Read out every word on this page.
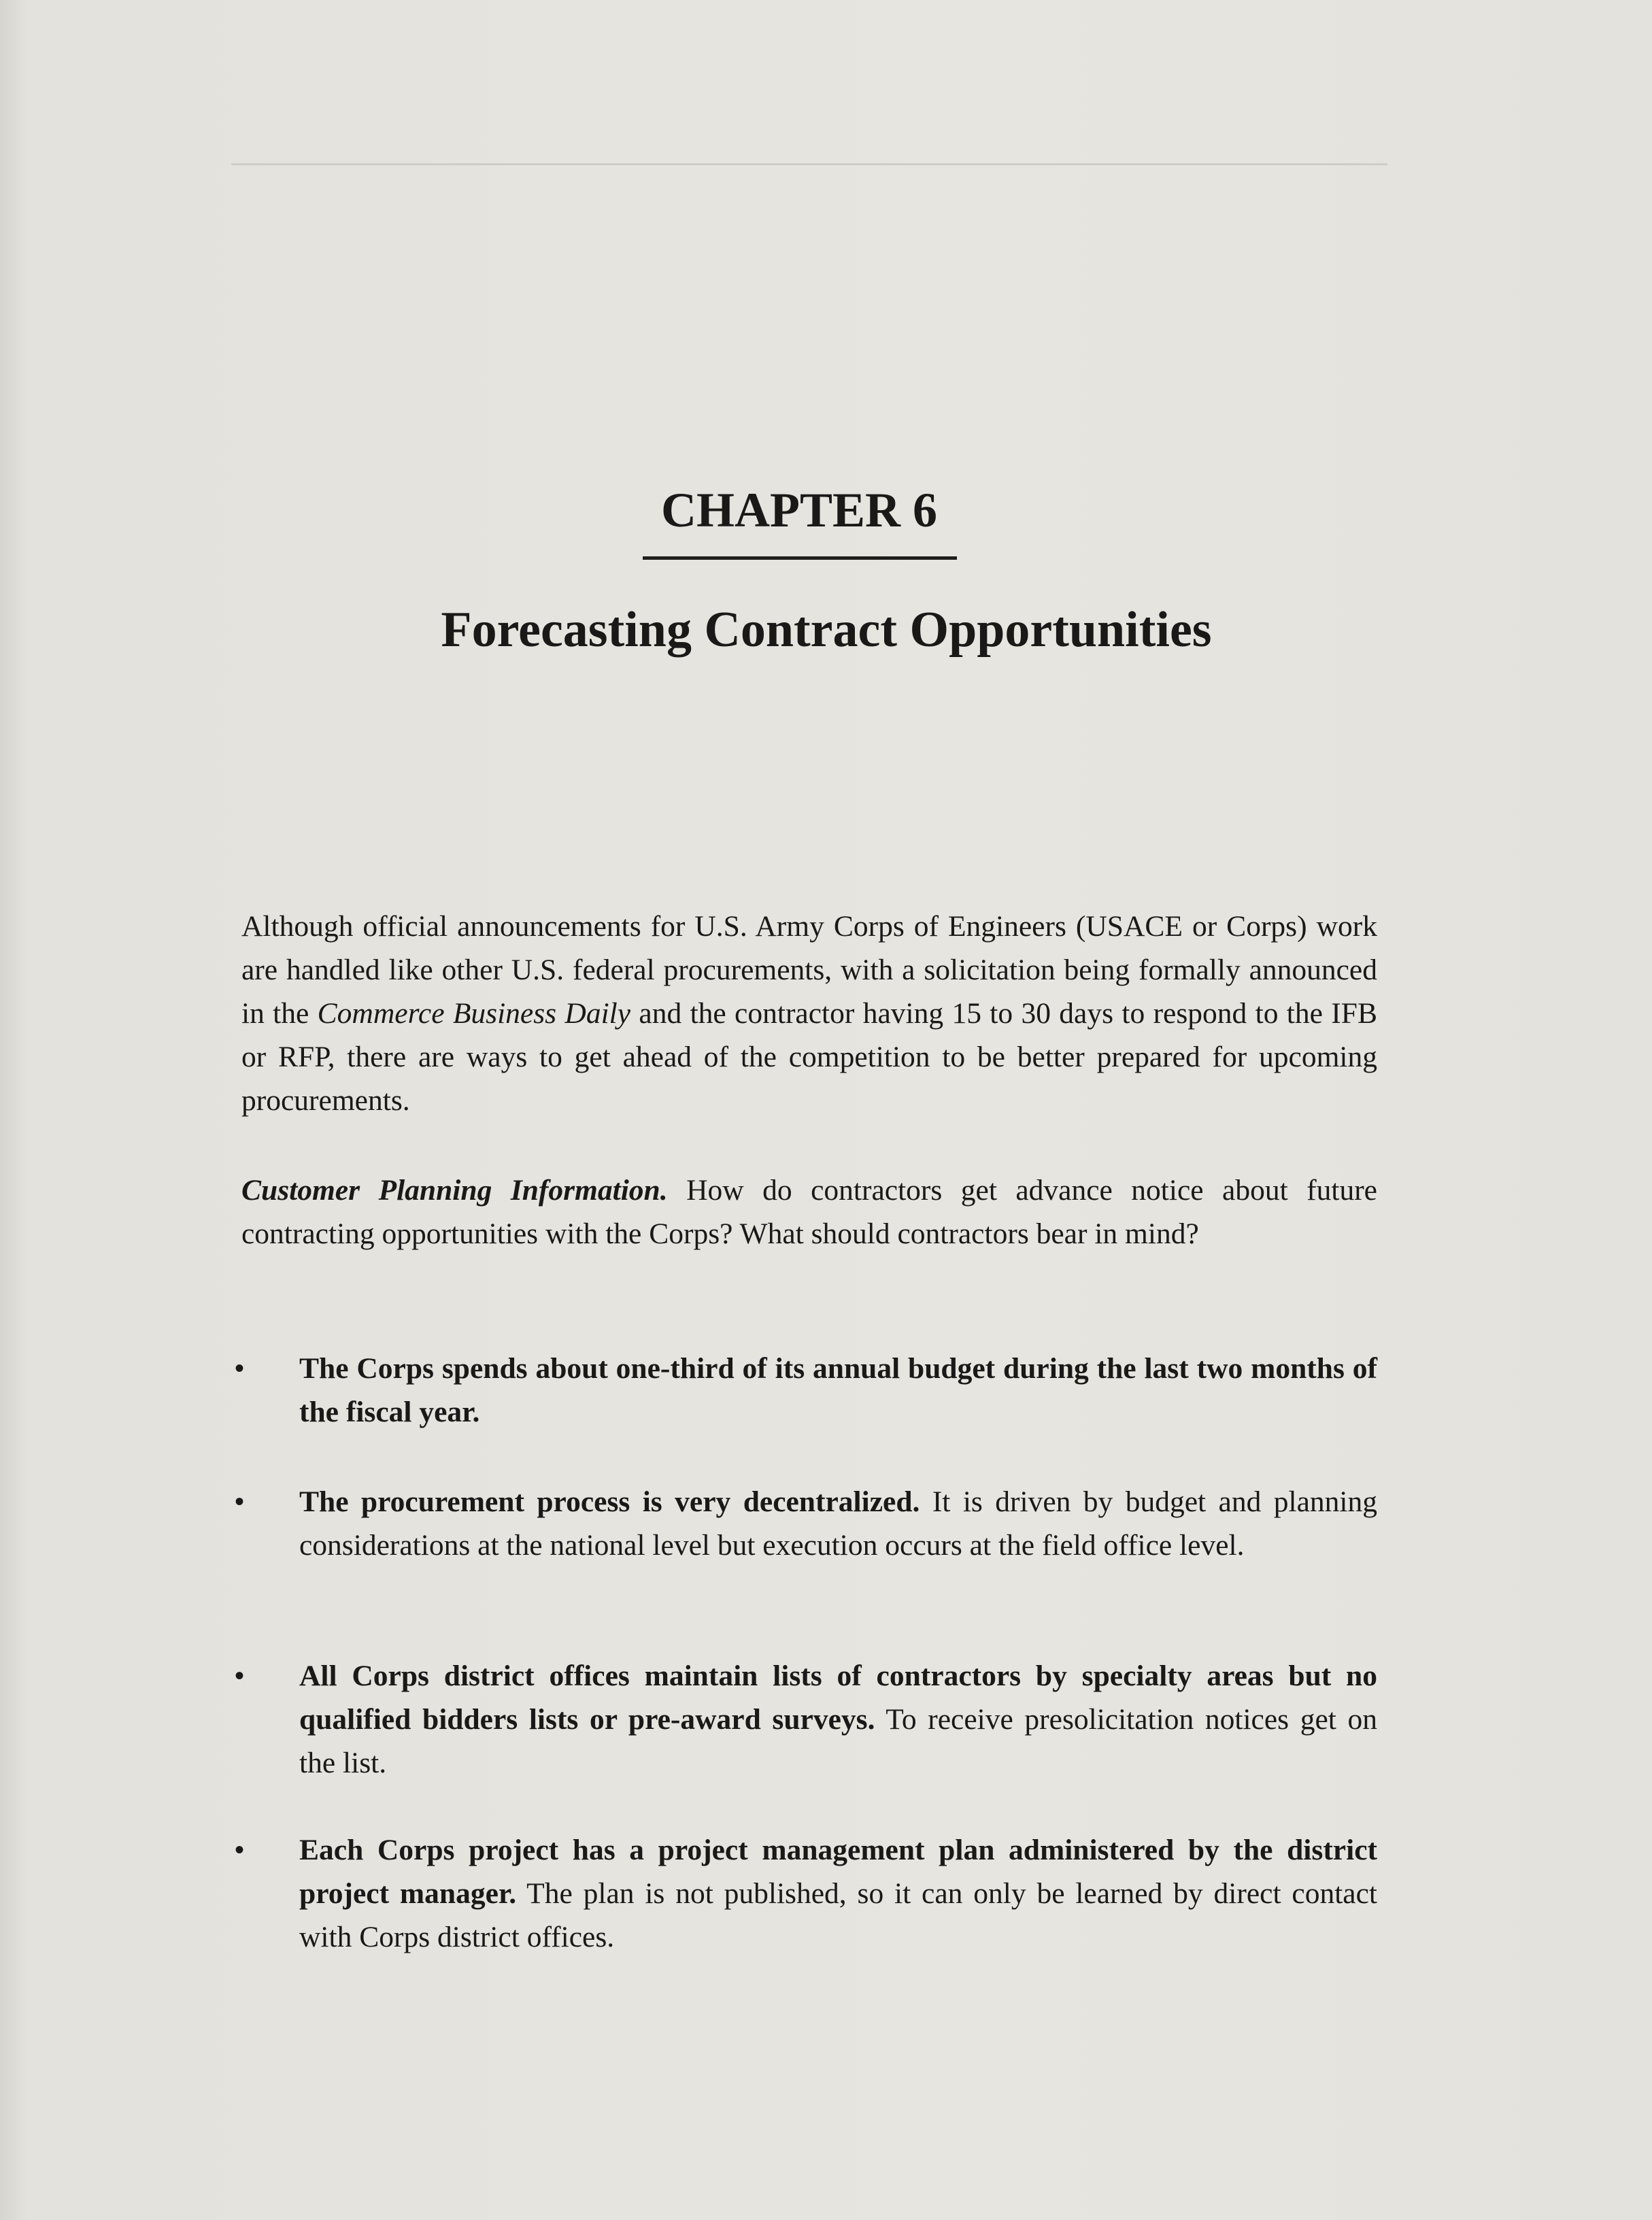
CHAPTER 6
Forecasting Contract Opportunities

Although official announcements for U.S. Army Corps of Engineers (USACE or Corps) work are handled like other U.S. federal procurements, with a solicitation being formally announced in the Commerce Business Daily and the contractor having 15 to 30 days to respond to the IFB or RFP, there are ways to get ahead of the competition to be better prepared for upcoming procurements.

Customer Planning Information. How do contractors get advance notice about future contracting opportunities with the Corps? What should contractors bear in mind?

• The Corps spends about one-third of its annual budget during the last two months of the fiscal year.

• The procurement process is very decentralized. It is driven by budget and planning considerations at the national level but execution occurs at the field office level.

• All Corps district offices maintain lists of contractors by specialty areas but no qualified bidders lists or pre-award surveys. To receive presolicitation notices get on the list.

• Each Corps project has a project management plan administered by the district project manager. The plan is not published, so it can only be learned by direct contact with Corps district offices.
